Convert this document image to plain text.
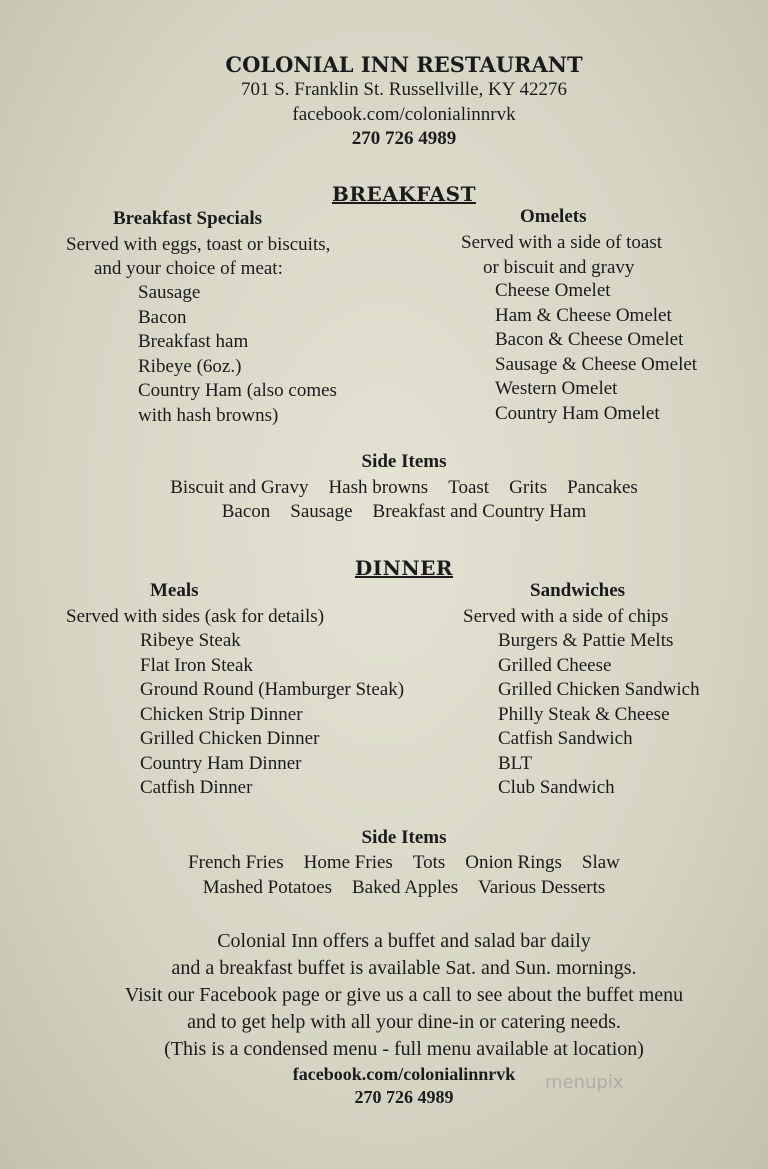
COLONIAL INN RESTAURANT
701 S. Franklin St. Russellville, KY 42276
facebook.com/colonialinnrvk
270 726 4989
BREAKFAST
Breakfast Specials
Served with eggs, toast or biscuits,
and your choice of meat:
Sausage
Bacon
Breakfast ham
Ribeye (6oz.)
Country Ham (also comes
with hash browns)
Omelets
Served with a side of toast
or biscuit and gravy
Cheese Omelet
Ham & Cheese Omelet
Bacon & Cheese Omelet
Sausage & Cheese Omelet
Western Omelet
Country Ham Omelet
Side Items
Biscuit and Gravy Hash browns Toast Grits Pancakes
Bacon Sausage Breakfast and Country Ham
DINNER
Meals
Served with sides (ask for details)
Ribeye Steak
Flat Iron Steak
Ground Round (Hamburger Steak)
Chicken Strip Dinner
Grilled Chicken Dinner
Country Ham Dinner
Catfish Dinner
Sandwiches
Served with a side of chips
Burgers & Pattie Melts
Grilled Cheese
Grilled Chicken Sandwich
Philly Steak & Cheese
Catfish Sandwich
BLT
Club Sandwich
Side Items
French Fries Home Fries Tots Onion Rings Slaw
Mashed Potatoes Baked Apples Various Desserts
Colonial Inn offers a buffet and salad bar daily
and a breakfast buffet is available Sat. and Sun. mornings.
Visit our Facebook page or give us a call to see about the buffet menu
and to get help with all your dine-in or catering needs.
(This is a condensed menu - full menu available at location)
facebook.com/colonialinnrvk
270 726 4989
menupix
